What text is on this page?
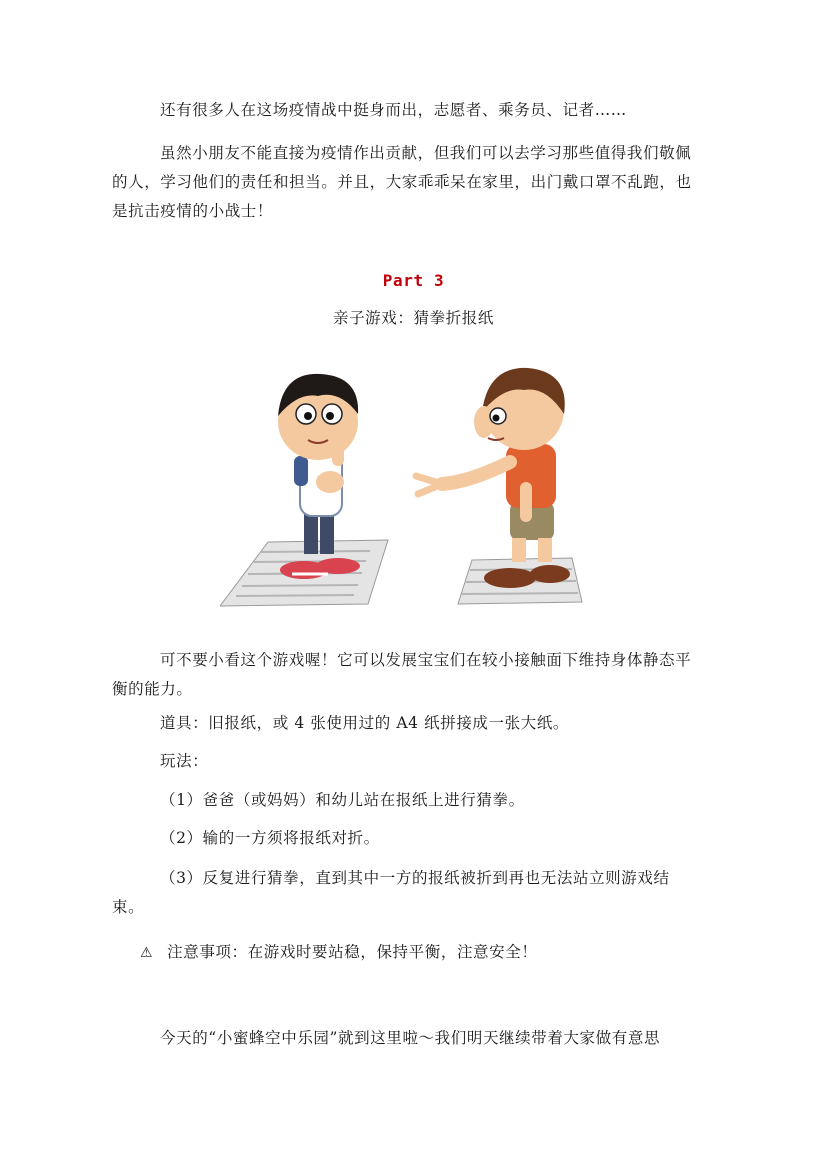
还有很多人在这场疫情战中挺身而出，志愿者、乘务员、记者……

虽然小朋友不能直接为疫情作出贡献，但我们可以去学习那些值得我们敬佩的人，学习他们的责任和担当。并且，大家乖乖呆在家里，出门戴口罩不乱跑，也是抗击疫情的小战士！

Part 3

亲子游戏：猜拳折报纸

可不要小看这个游戏喔！它可以发展宝宝们在较小接触面下维持身体静态平衡的能力。

道具：旧报纸，或 4 张使用过的 A4 纸拼接成一张大纸。

玩法：

（1）爸爸（或妈妈）和幼儿站在报纸上进行猜拳。

（2）输的一方须将报纸对折。

（3）反复进行猜拳，直到其中一方的报纸被折到再也无法站立则游戏结束。

⚠ 注意事项：在游戏时要站稳，保持平衡，注意安全！

今天的“小蜜蜂空中乐园”就到这里啦～我们明天继续带着大家做有意思
